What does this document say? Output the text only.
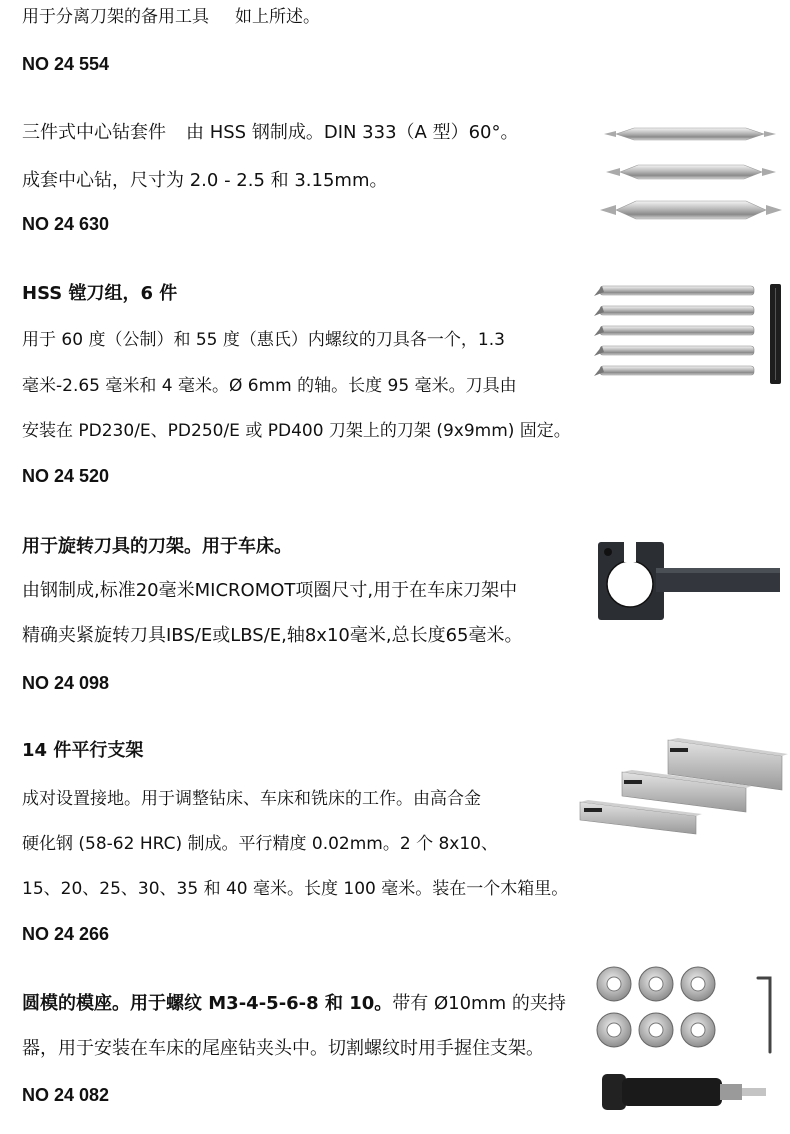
用于分离刀架的备用工具 如上所述。
NO 24 554
三件式中心钻套件 由 HSS 钢制成。DIN 333（A 型）60°。
成套中心钻，尺寸为 2.0 - 2.5 和 3.15mm。
NO 24 630
HSS 镗刀组，6 件
用于 60 度（公制）和 55 度（惠氏）内螺纹的刀具各一个，1.3
毫米-2.65 毫米和 4 毫米。Ø 6mm 的轴。长度 95 毫米。刀具由
安装在 PD230/E、PD250/E 或 PD400 刀架上的刀架 (9x9mm) 固定。
NO 24 520
用于旋转刀具的刀架。用于车床。
由钢制成,标准20毫米MICROMOT项圈尺寸,用于在车床刀架中
精确夹紧旋转刀具IBS/E或LBS/E,轴8x10毫米,总长度65毫米。
NO 24 098
14 件平行支架
成对设置接地。用于调整钻床、车床和铣床的工作。由高合金
硬化钢 (58-62 HRC) 制成。平行精度 0.02mm。2 个 8x10、
15、20、25、30、35 和 40 毫米。长度 100 毫米。装在一个木箱里。
NO 24 266
圆模的模座。用于螺纹 M3-4-5-6-8 和 10。带有 Ø10mm 的夹持
器，用于安装在车床的尾座钻夹头中。切割螺纹时用手握住支架。
NO 24 082
